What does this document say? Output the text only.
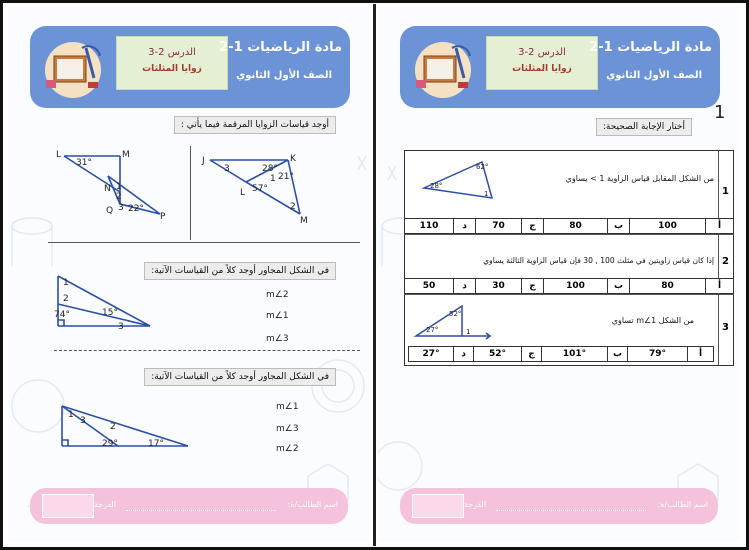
الدرس 2-3
زوايا المثلثات
مادة الرياضيات 1-2
الصف الأول الثانوي
أوجد قياسات الزوايا المرقمة فيما يأتي :
L	M
31°
N 1
2
Q 3 22°
P
J	K
3	28°
1 21°
57°
L
2
M
في الشكل المجاور أوجد كلاً من القياسات الآتية:
1
2
74°	15°
3
m∠2
m∠1
m∠3
في الشكل المجاور أوجد كلاً من القياسات الآتية:
1
3
2
29°	17°
m∠1
m∠3
m∠2
الدرجة	اسم الطالب/ة:
الدرس 2-3
زوايا المثلثات
مادة الرياضيات 1-2
الصف الأول الثانوي
1
أختار الإجابة الصحيحة:
1
62°
28°
1
من الشكل المقابل قياس الزاوية 1 > يساوي
110	د	70	ج	80	ب	100	أ
2
إذا كان قياس زاويتين في مثلث 100 , 30 فإن قياس الزاوية الثالثة يساوي
50	د	30	ج	100	ب	80	أ
3
52°
27°	1
من الشكل m∠1 تساوي
27°	د	52°	ج	101°	ب	79°	أ
الدرجة	اسم الطالب/ة:
